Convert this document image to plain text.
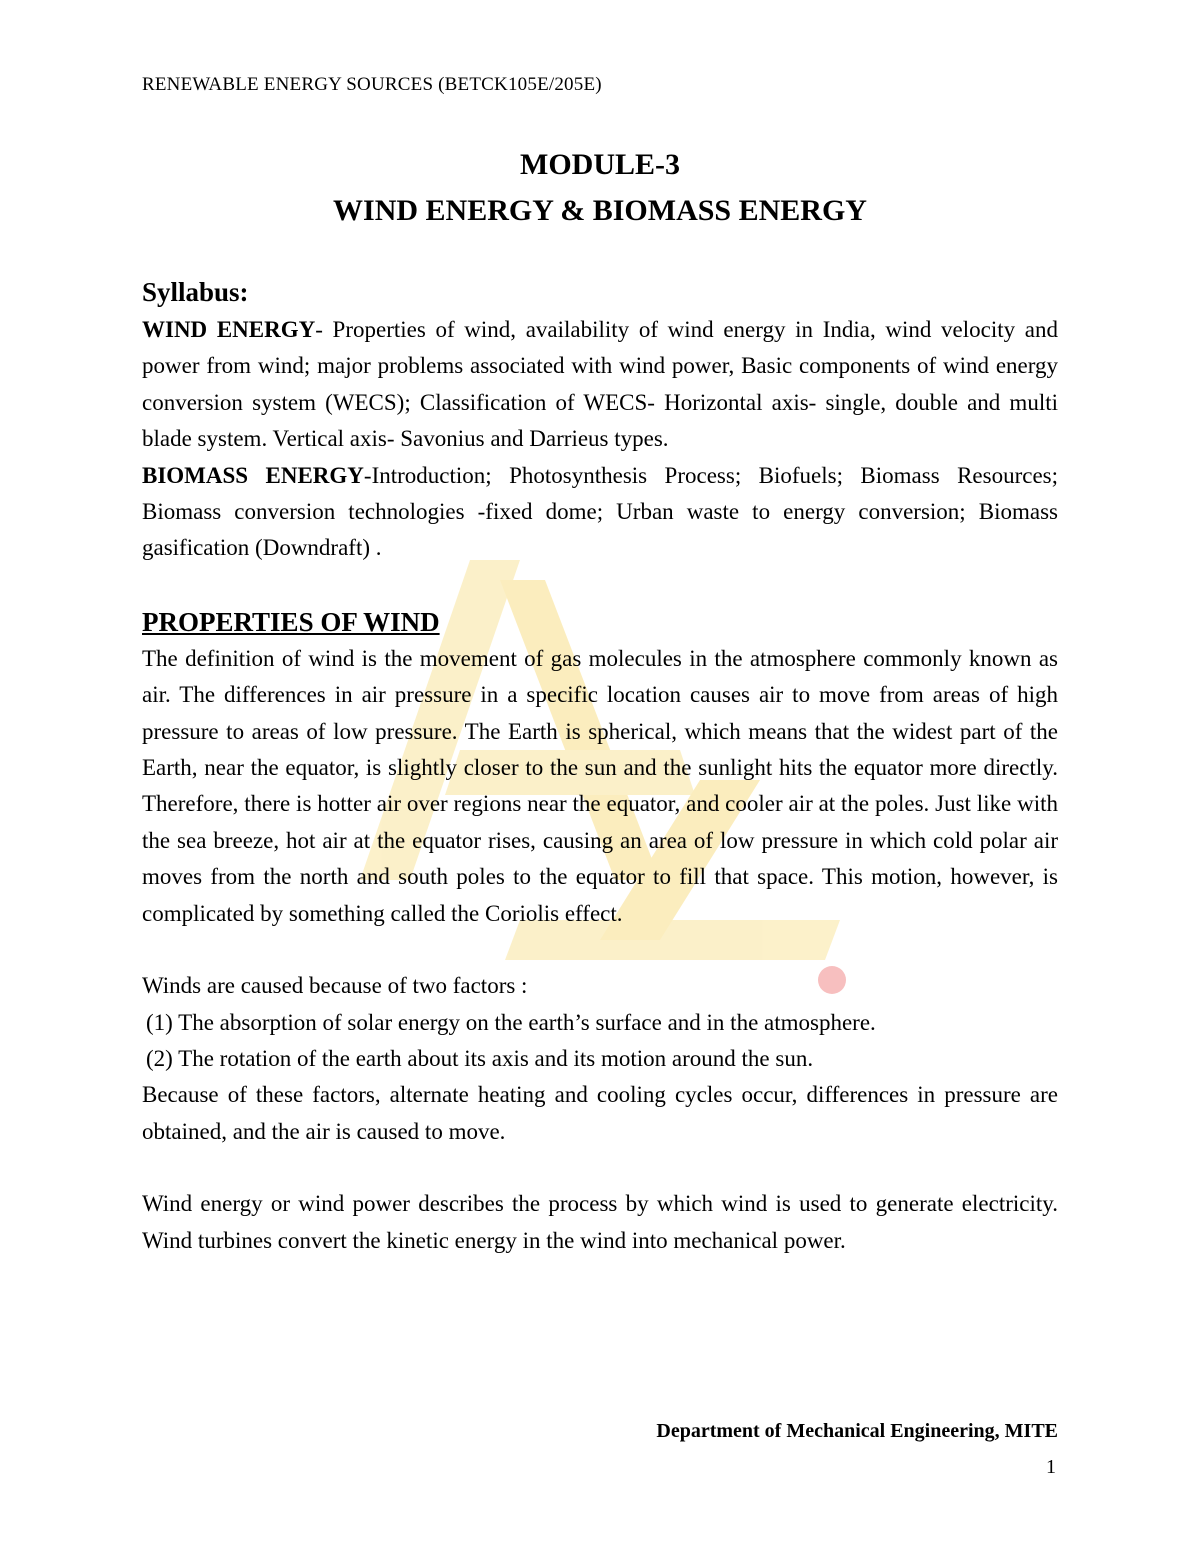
RENEWABLE ENERGY SOURCES (BETCK105E/205E)
MODULE-3
WIND ENERGY & BIOMASS ENERGY
Syllabus:

WIND ENERGY- Properties of wind, availability of wind energy in India, wind velocity and power from wind; major problems associated with wind power, Basic components of wind energy conversion system (WECS); Classification of WECS- Horizontal axis- single, double and multi blade system. Vertical axis- Savonius and Darrieus types.

BIOMASS ENERGY-Introduction; Photosynthesis Process; Biofuels; Biomass Resources; Biomass conversion technologies -fixed dome; Urban waste to energy conversion; Biomass gasification (Downdraft) .

PROPERTIES OF WIND

The definition of wind is the movement of gas molecules in the atmosphere commonly known as air. The differences in air pressure in a specific location causes air to move from areas of high pressure to areas of low pressure. The Earth is spherical, which means that the widest part of the Earth, near the equator, is slightly closer to the sun and the sunlight hits the equator more directly. Therefore, there is hotter air over regions near the equator, and cooler air at the poles. Just like with the sea breeze, hot air at the equator rises, causing an area of low pressure in which cold polar air moves from the north and south poles to the equator to fill that space. This motion, however, is complicated by something called the Coriolis effect.

Winds are caused because of two factors :

(1) The absorption of solar energy on the earth’s surface and in the atmosphere.

(2) The rotation of the earth about its axis and its motion around the sun.

Because of these factors, alternate heating and cooling cycles occur, differences in pressure are obtained, and the air is caused to move.

Wind energy or wind power describes the process by which wind is used to generate electricity. Wind turbines convert the kinetic energy in the wind into mechanical power.

Department of Mechanical Engineering, MITE
1
